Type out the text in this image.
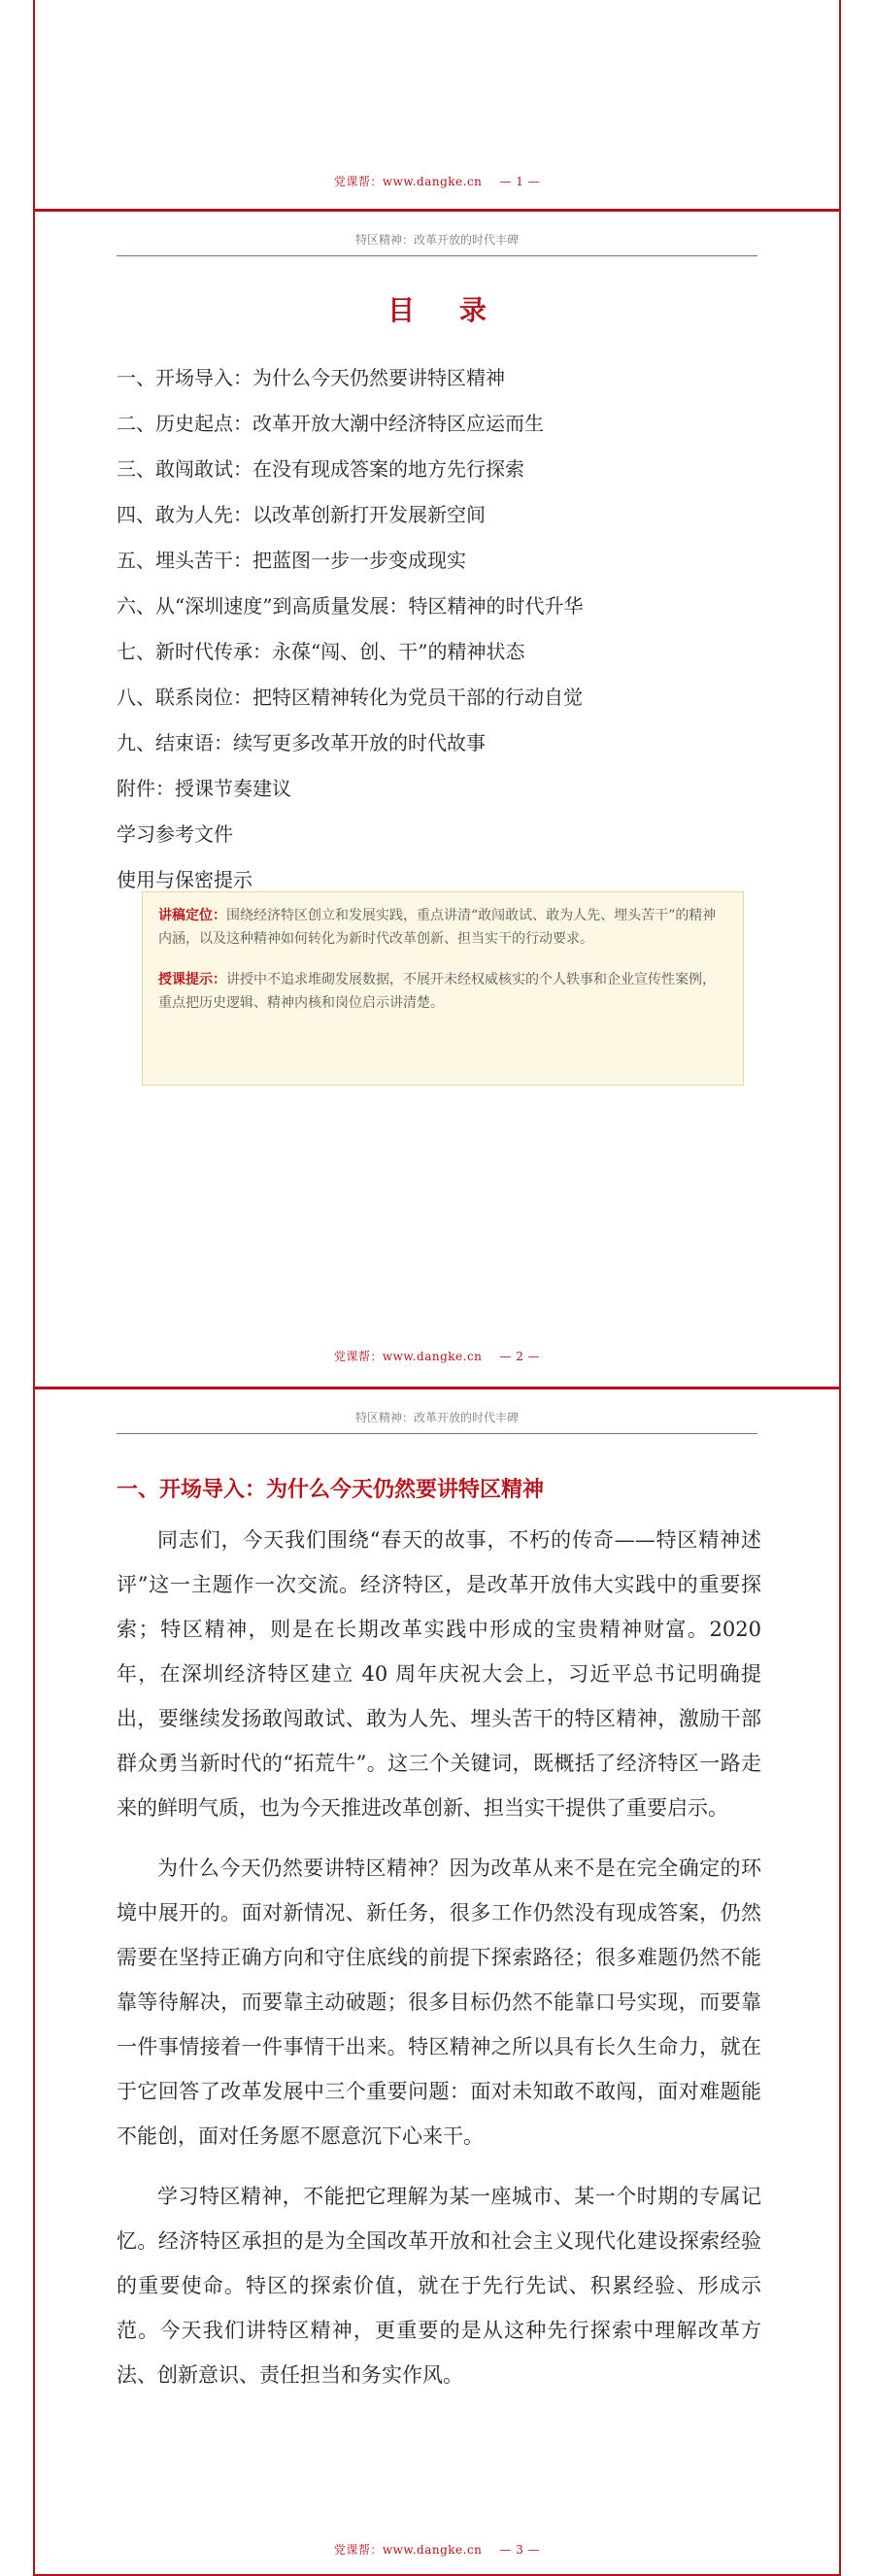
党课帮：www.dangke.cn — 1 —
特区精神：改革开放的时代丰碑
目 录
一、开场导入：为什么今天仍然要讲特区精神
二、历史起点：改革开放大潮中经济特区应运而生
三、敢闯敢试：在没有现成答案的地方先行探索
四、敢为人先：以改革创新打开发展新空间
五、埋头苦干：把蓝图一步一步变成现实
六、从“深圳速度”到高质量发展：特区精神的时代升华
七、新时代传承：永葆“闯、创、干”的精神状态
八、联系岗位：把特区精神转化为党员干部的行动自觉
九、结束语：续写更多改革开放的时代故事
附件：授课节奏建议
学习参考文件
使用与保密提示

讲稿定位：围绕经济特区创立和发展实践，重点讲清“敢闯敢试、敢为人先、埋头苦干”的精神内涵，以及这种精神如何转化为新时代改革创新、担当实干的行动要求。

授课提示：讲授中不追求堆砌发展数据，不展开未经权威核实的个人轶事和企业宣传性案例，重点把历史逻辑、精神内核和岗位启示讲清楚。

党课帮：www.dangke.cn — 2 —
特区精神：改革开放的时代丰碑
一、开场导入：为什么今天仍然要讲特区精神

同志们，今天我们围绕“春天的故事，不朽的传奇——特区精神述评”这一主题作一次交流。经济特区，是改革开放伟大实践中的重要探索；特区精神，则是在长期改革实践中形成的宝贵精神财富。2020 年，在深圳经济特区建立 40 周年庆祝大会上，习近平总书记明确提出，要继续发扬敢闯敢试、敢为人先、埋头苦干的特区精神，激励干部群众勇当新时代的“拓荒牛”。这三个关键词，既概括了经济特区一路走来的鲜明气质，也为今天推进改革创新、担当实干提供了重要启示。

为什么今天仍然要讲特区精神？因为改革从来不是在完全确定的环境中展开的。面对新情况、新任务，很多工作仍然没有现成答案，仍然需要在坚持正确方向和守住底线的前提下探索路径；很多难题仍然不能靠等待解决，而要靠主动破题；很多目标仍然不能靠口号实现，而要靠一件事情接着一件事情干出来。特区精神之所以具有长久生命力，就在于它回答了改革发展中三个重要问题：面对未知敢不敢闯，面对难题能不能创，面对任务愿不愿意沉下心来干。

学习特区精神，不能把它理解为某一座城市、某一个时期的专属记忆。经济特区承担的是为全国改革开放和社会主义现代化建设探索经验的重要使命。特区的探索价值，就在于先行先试、积累经验、形成示范。今天我们讲特区精神，更重要的是从这种先行探索中理解改革方法、创新意识、责任担当和务实作风。

党课帮：www.dangke.cn — 3 —
